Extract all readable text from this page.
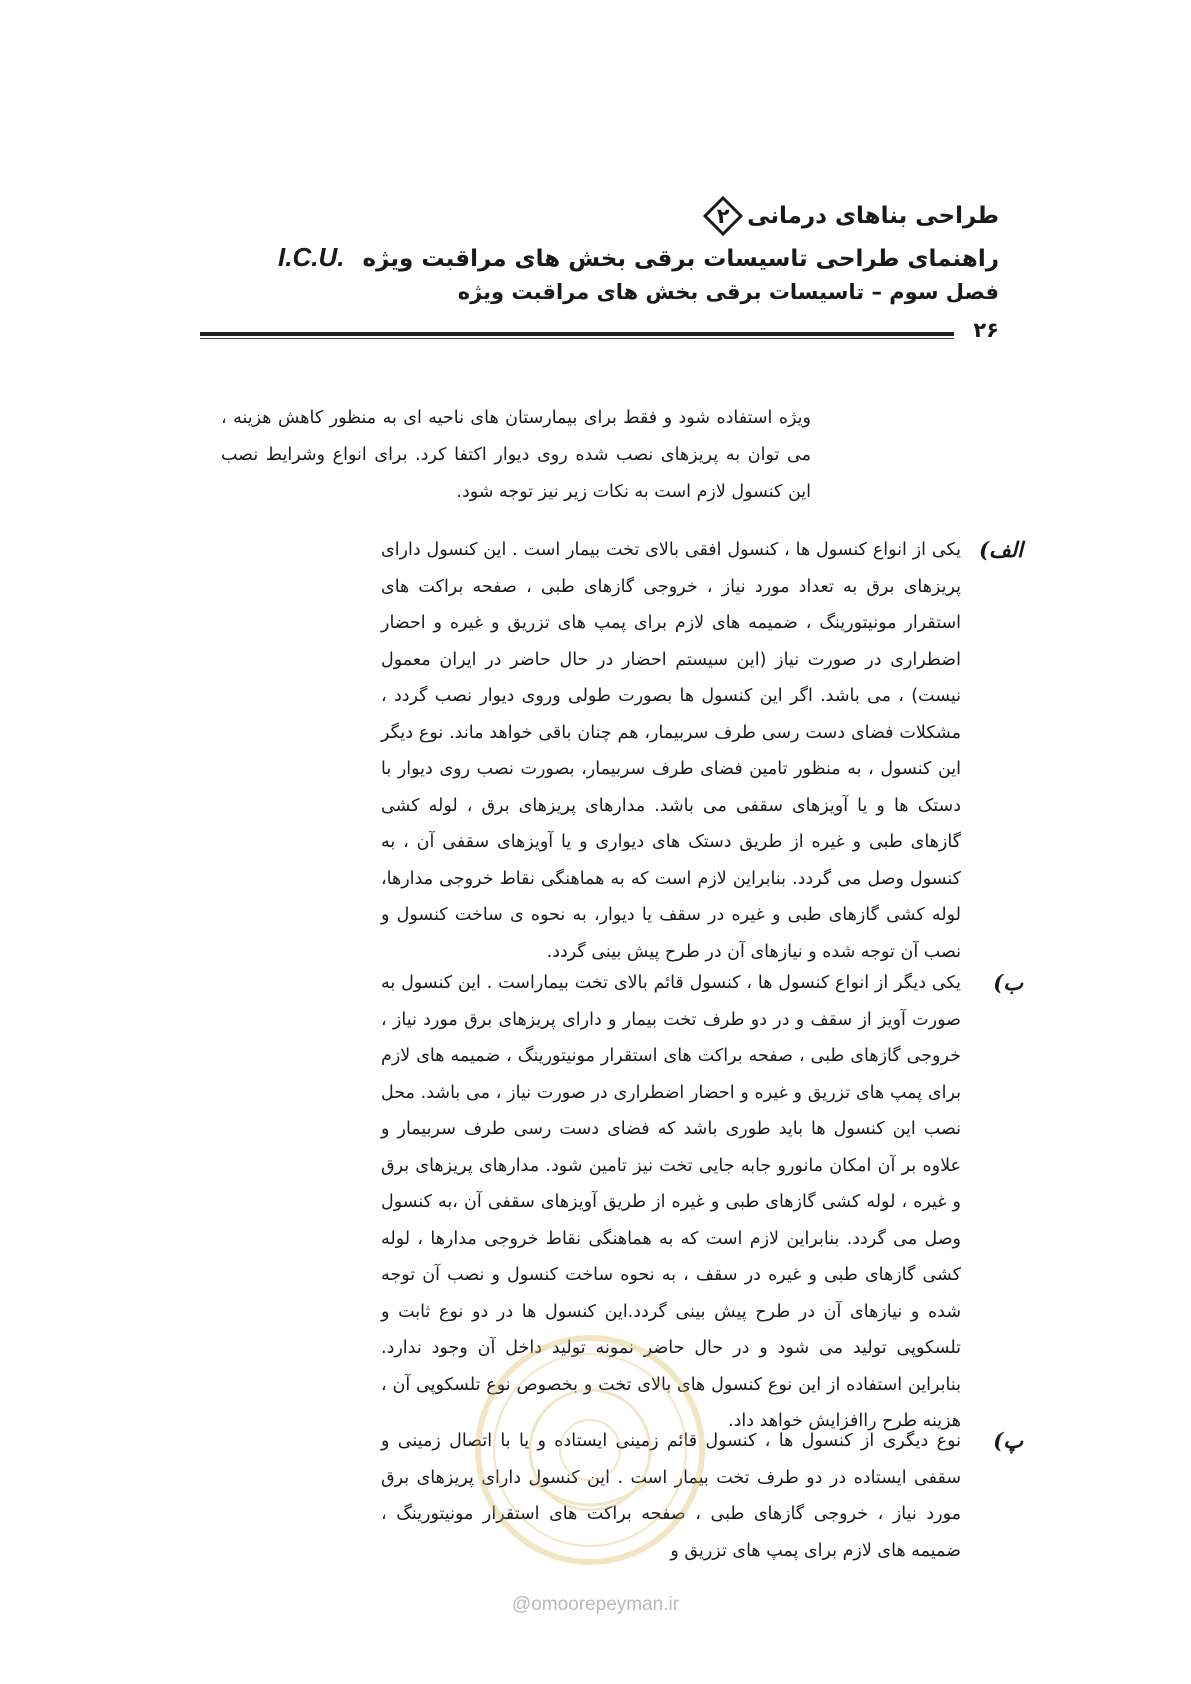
طراحی بناهای درمانی
۲
راهنمای طراحی تاسیسات برقی بخش های مراقبت ویژه I.C.U.
فصل سوم – تاسیسات برقی بخش های مراقبت ویژه
۲۶

ویژه استفاده شود و فقط برای بیمارستان های ناحیه ای به منظور کاهش هزینه ، می توان به پریزهای نصب شده روی دیوار اکتفا کرد. برای انواع وشرایط نصب این کنسول لازم است به نکات زیر نیز توجه شود.

الف)
یکی از انواع کنسول ها ، کنسول افقی بالای تخت بیمار است . این کنسول دارای پریزهای برق به تعداد مورد نیاز ، خروجی گازهای طبی ، صفحه براکت های استقرار مونیتورینگ ، ضمیمه های لازم برای پمپ های تزریق و غیره و احضار اضطراری در صورت نیاز (این سیستم احضار در حال حاضر در ایران معمول نیست) ، می باشد. اگر این کنسول ها بصورت طولی وروی دیوار نصب گردد ، مشکلات فضای دست رسی طرف سربیمار، هم چنان باقی خواهد ماند. نوع دیگر این کنسول ، به منظور تامین فضای طرف سربیمار، بصورت نصب روی دیوار با دستک ها و یا آویزهای سقفی می باشد. مدارهای پریزهای برق ، لوله کشی گازهای طبی و غیره از طریق دستک های دیواری و یا آویزهای سقفی آن ، به کنسول وصل می گردد. بنابراین لازم است که به هماهنگی نقاط خروجی مدارها، لوله کشی گازهای طبی و غیره در سقف یا دیوار، به نحوه ی ساخت کنسول و نصب آن توجه شده و نیازهای آن در طرح پیش بینی گردد.
ب)
یکی دیگر از انواع کنسول ها ، کنسول قائم بالای تخت بیماراست . این کنسول به صورت آویز از سقف و در دو طرف تخت بیمار و دارای پریزهای برق مورد نیاز ، خروجی گازهای طبی ، صفحه براکت های استقرار مونیتورینگ ، ضمیمه های لازم برای پمپ های تزریق و غیره و احضار اضطراری در صورت نیاز ، می باشد. محل نصب این کنسول ها باید طوری باشد که فضای دست رسی طرف سربیمار و علاوه بر آن امکان مانورو جابه جایی تخت نیز تامین شود. مدارهای پریزهای برق و غیره ، لوله کشی گازهای طبی و غیره از طریق آویزهای سقفی آن ،به کنسول وصل می گردد. بنابراین لازم است که به هماهنگی نقاط خروجی مدارها ، لوله کشی گازهای طبی و غیره در سقف ، به نحوه ساخت کنسول و نصب آن توجه شده و نیازهای آن در طرح پیش بینی گردد.این کنسول ها در دو نوع ثابت و تلسکوپی تولید می شود و در حال حاضر نمونه تولید داخل آن وجود ندارد. بنابراین استفاده از این نوع کنسول های بالای تخت و بخصوص نوع تلسکوپی آن ، هزینه طرح راافزایش خواهد داد.
پ)
نوع دیگری از کنسول ها ، کنسول قائم زمینی ایستاده و یا با اتصال زمینی و سقفی ایستاده در دو طرف تخت بیمار است . این کنسول دارای پریزهای برق مورد نیاز ، خروجی گازهای طبی ، صفحه براکت های استقرار مونیتورینگ ، ضمیمه های لازم برای پمپ های تزریق و
@omoorepeyman.ir
